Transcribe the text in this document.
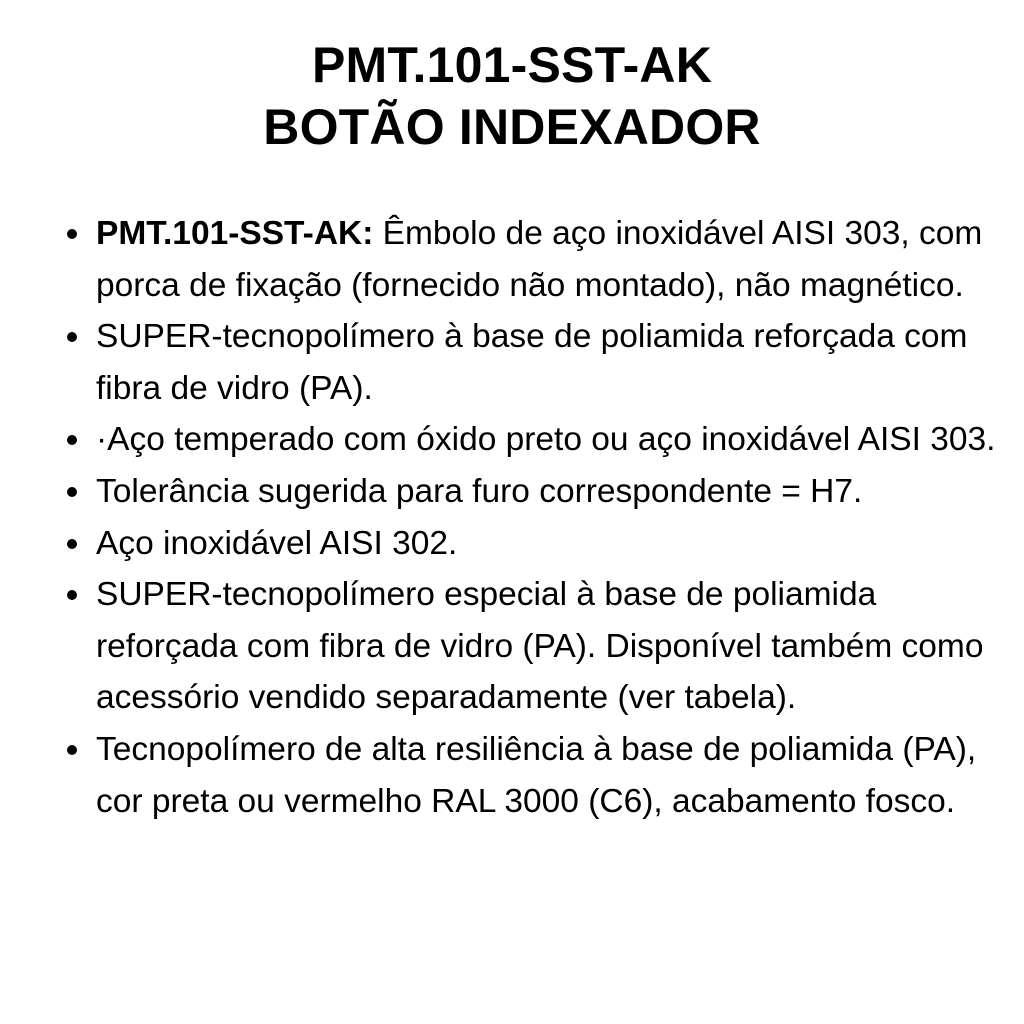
PMT.101-SST-AK
BOTÃO INDEXADOR
PMT.101-SST-AK: Êmbolo de aço inoxidável AISI 303, com porca de fixação (fornecido não montado), não magnético.
SUPER-tecnopolímero à base de poliamida reforçada com fibra de vidro (PA).
·Aço temperado com óxido preto ou aço inoxidável AISI 303.
Tolerância sugerida para furo correspondente = H7.
Aço inoxidável AISI 302.
SUPER-tecnopolímero especial à base de poliamida reforçada com fibra de vidro (PA). Disponível também como acessório vendido separadamente (ver tabela).
Tecnopolímero de alta resiliência à base de poliamida (PA), cor preta ou vermelho RAL 3000 (C6), acabamento fosco.
